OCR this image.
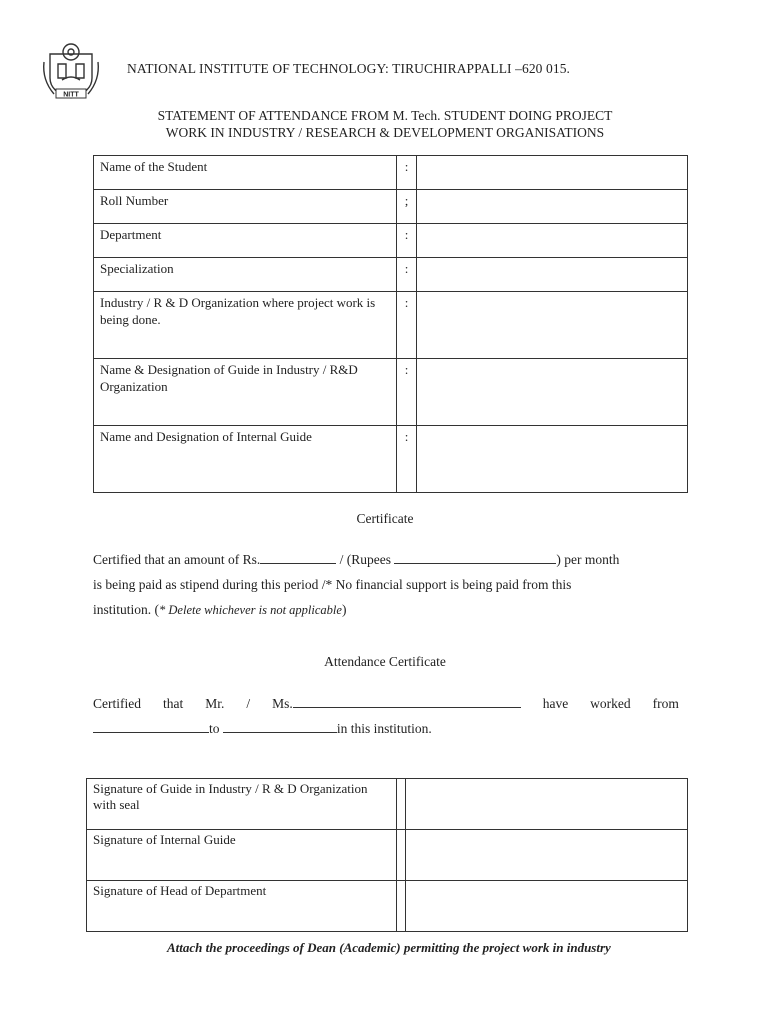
NITT
NATIONAL INSTITUTE OF TECHNOLOGY: TIRUCHIRAPPALLI –620 015.
STATEMENT OF ATTENDANCE FROM M. Tech. STUDENT DOING PROJECT
WORK IN INDUSTRY / RESEARCH & DEVELOPMENT ORGANISATIONS
Name of the Student	:	
Roll Number	;	
Department	:	
Specialization	:	
Industry / R & D Organization where project work is being done.	:	
Name & Designation of Guide in Industry / R&D Organization	:	
Name and Designation of Internal Guide	:	
Certificate
Certified that an amount of Rs.	/ (Rupees	) per month
is being paid as stipend during this period /* No financial support is being paid from this
institution. (* Delete whichever is not applicable)
Attendance Certificate
Certified that Mr. / Ms.	have worked from
to	in this institution.
Signature of Guide in Industry / R & D Organization with seal		
Signature of Internal Guide		
Signature of Head of Department		
Attach the proceedings of Dean (Academic) permitting the project work in industry
